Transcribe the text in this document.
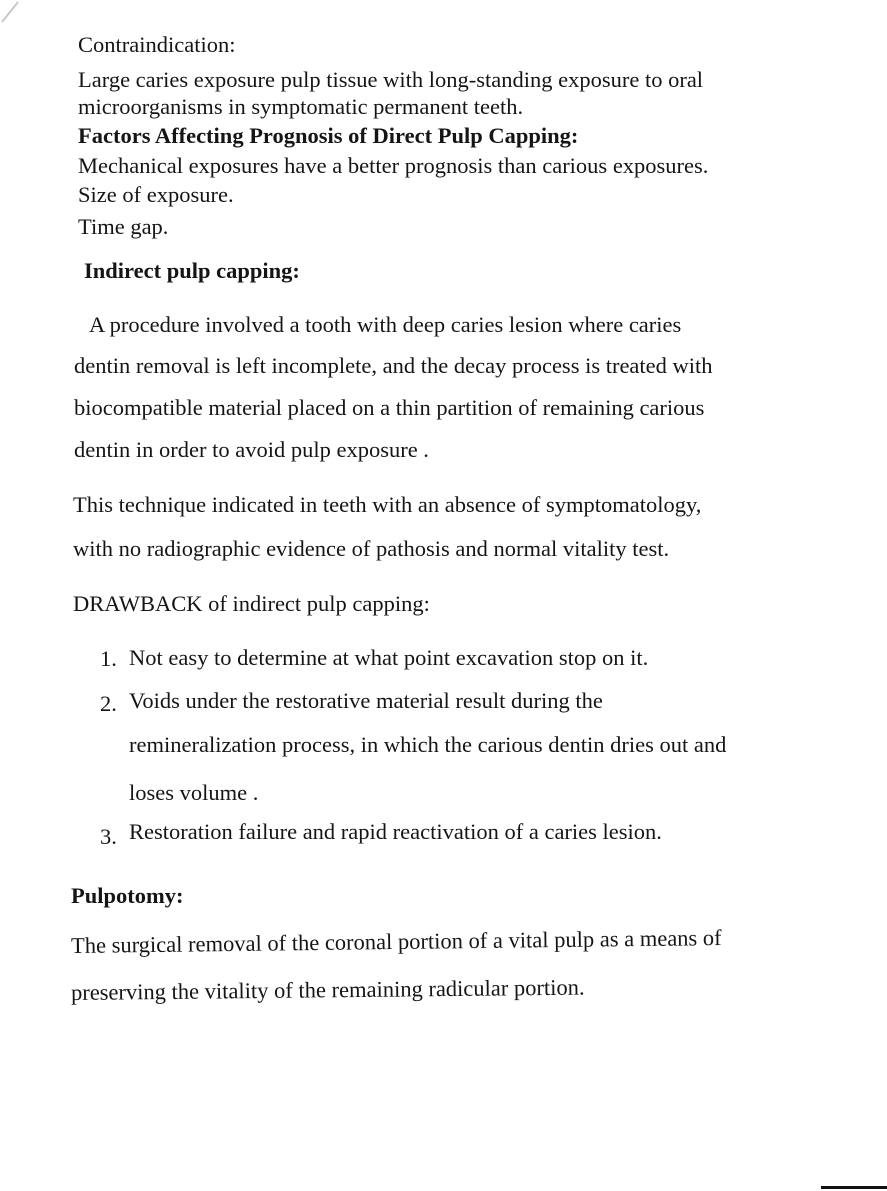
Contraindication:
Large caries exposure pulp tissue with long-standing exposure to oral
microorganisms in symptomatic permanent teeth.
Factors Affecting Prognosis of Direct Pulp Capping:
Mechanical exposures have a better prognosis than carious exposures.
Size of exposure.
Time gap.
Indirect pulp capping:
A procedure involved a tooth with deep caries lesion where caries
dentin removal is left incomplete, and the decay process is treated with
biocompatible material placed on a thin partition of remaining carious
dentin in order to avoid pulp exposure .
This technique indicated in teeth with an absence of symptomatology,
with no radiographic evidence of pathosis and normal vitality test.
DRAWBACK of indirect pulp capping:
1. Not easy to determine at what point excavation stop on it.
2. Voids under the restorative material result during the
remineralization process, in which the carious dentin dries out and
loses volume .
3. Restoration failure and rapid reactivation of a caries lesion.
Pulpotomy:
The surgical removal of the coronal portion of a vital pulp as a means of
preserving the vitality of the remaining radicular portion.
